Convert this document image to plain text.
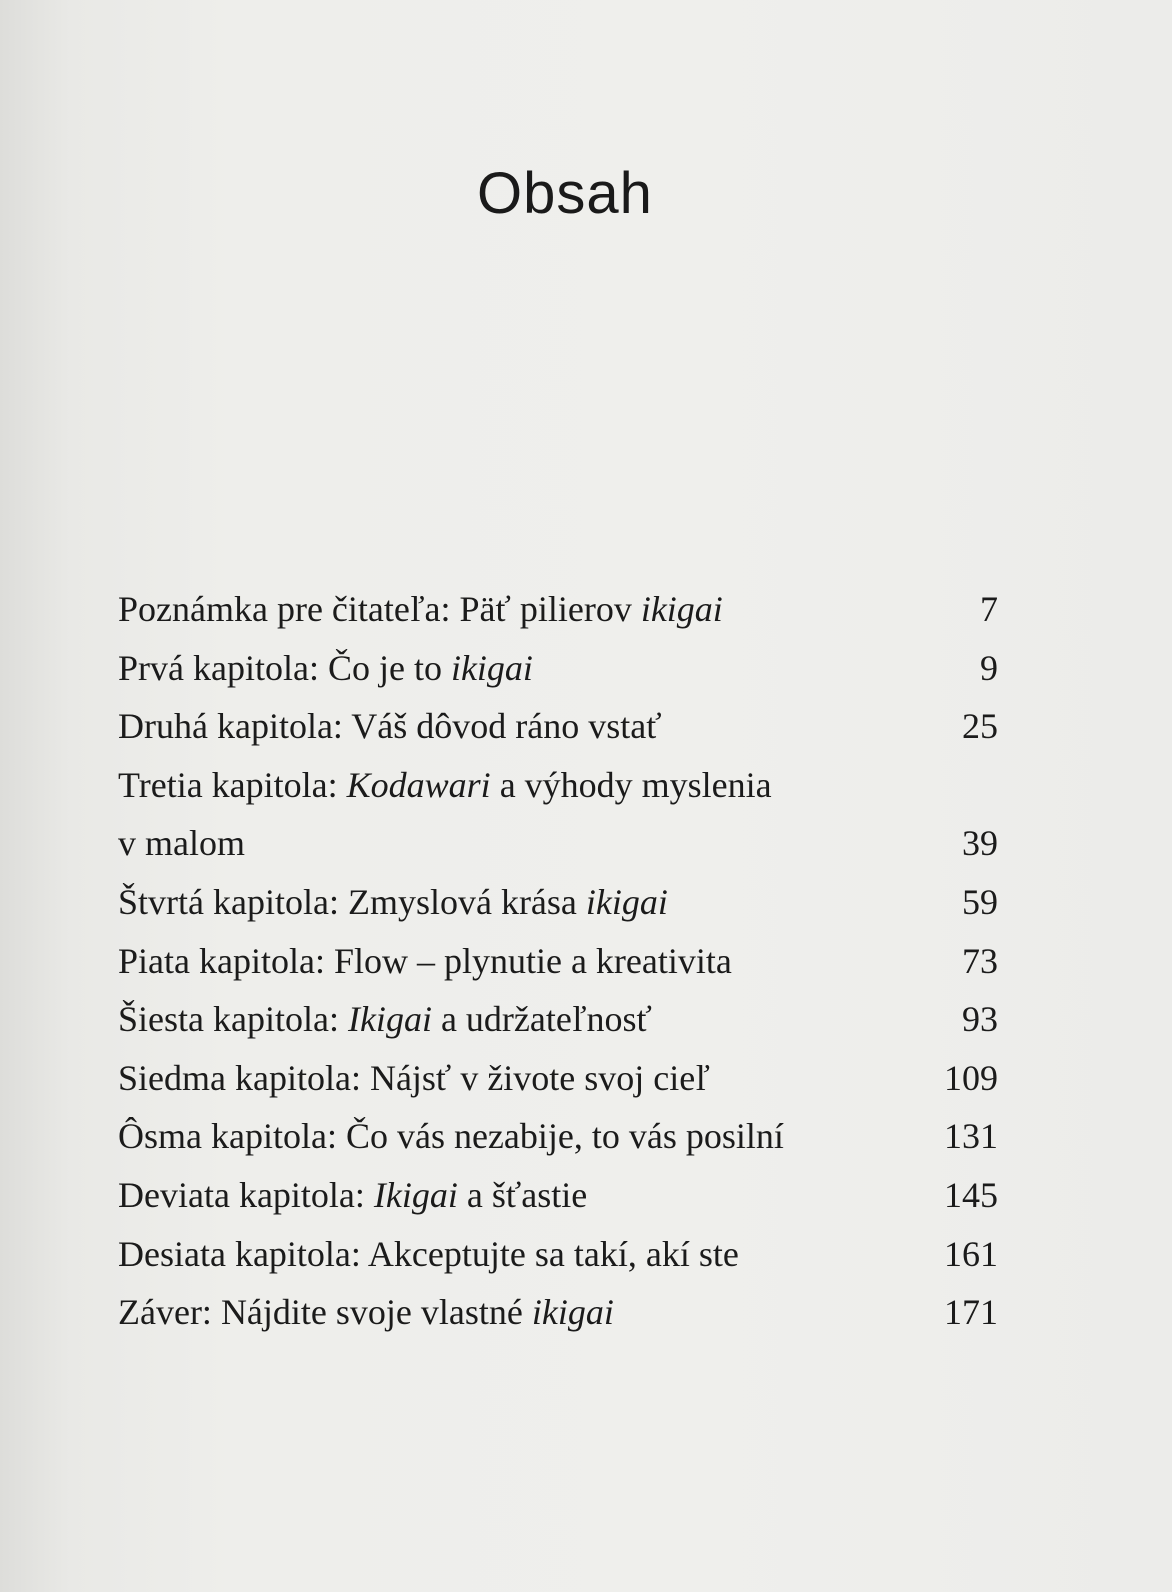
Obsah
Poznámka pre čitateľa: Päť pilierov ikigai	7
Prvá kapitola: Čo je to ikigai	9
Druhá kapitola: Váš dôvod ráno vstať	25
Tretia kapitola: Kodawari a výhody myslenia
v malom	39
Štvrtá kapitola: Zmyslová krása ikigai	59
Piata kapitola: Flow – plynutie a kreativita	73
Šiesta kapitola: Ikigai a udržateľnosť	93
Siedma kapitola: Nájsť v živote svoj cieľ	109
Ôsma kapitola: Čo vás nezabije, to vás posilní	131
Deviata kapitola: Ikigai a šťastie	145
Desiata kapitola: Akceptujte sa takí, akí ste	161
Záver: Nájdite svoje vlastné ikigai	171
